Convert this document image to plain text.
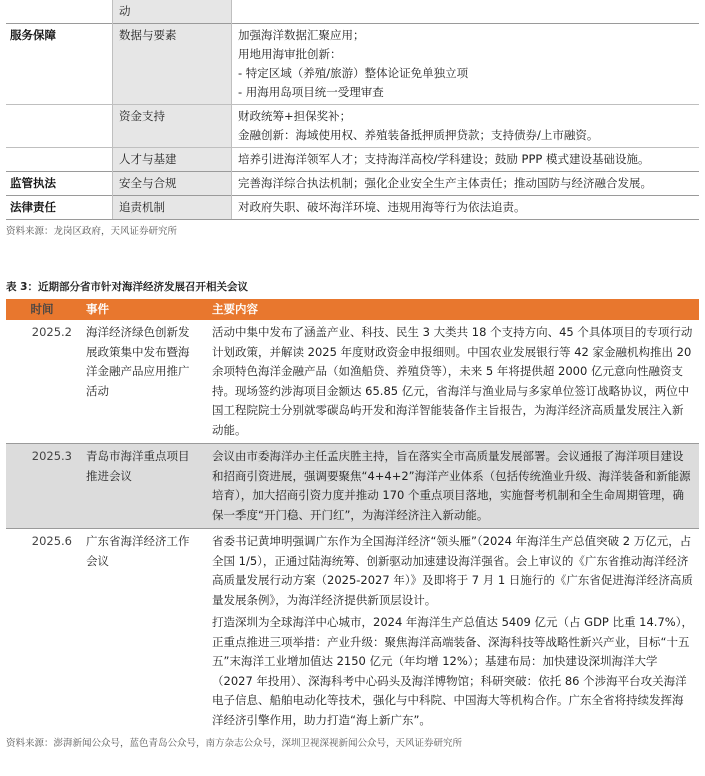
	动	

服务保障	数据与要素	加强海洋数据汇聚应用；
用地用海审批创新：
- 特定区域（养殖/旅游）整体论证免单独立项
- 用海用岛项目统一受理审查

	资金支持	财政统筹+担保奖补；
金融创新：海域使用权、养殖装备抵押质押贷款；支持债券/上市融资。

	人才与基建	培养引进海洋领军人才；支持海洋高校/学科建设；鼓励 PPP 模式建设基础设施。

监管执法	安全与合规	完善海洋综合执法机制；强化企业安全生产主体责任；推动国防与经济融合发展。

法律责任	追责机制	对政府失职、破坏海洋环境、违规用海等行为依法追责。
资料来源：龙岗区政府，天风证券研究所
表 3：近期部分省市针对海洋经济发展召开相关会议
时间	事件	主要内容
2025.2	海洋经济绿色创新发展政策集中发布暨海洋金融产品应用推广活动	活动中集中发布了涵盖产业、科技、民生 3 大类共 18 个支持方向、45 个具体项目的专项行动计划政策，并解读 2025 年度财政资金申报细则。中国农业发展银行等 42 家金融机构推出 20 余项特色海洋金融产品（如渔船贷、养殖贷等），未来 5 年将提供超 2000 亿元意向性融资支持。现场签约涉海项目金额达 65.85 亿元，省海洋与渔业局与多家单位签订战略协议，两位中国工程院院士分别就零碳岛屿开发和海洋智能装备作主旨报告，为海洋经济高质量发展注入新动能。

2025.3	青岛市海洋重点项目推进会议	会议由市委海洋办主任孟庆胜主持，旨在落实全市高质量发展部署。会议通报了海洋项目建设和招商引资进展，强调要聚焦“4+4+2”海洋产业体系（包括传统渔业升级、海洋装备和新能源培育），加大招商引资力度并推动 170 个重点项目落地，实施督考机制和全生命周期管理，确保一季度“开门稳、开门红”，为海洋经济注入新动能。

2025.6	广东省海洋经济工作会议	省委书记黄坤明强调广东作为全国海洋经济“领头雁”（2024 年海洋生产总值突破 2 万亿元，占全国 1/5），正通过陆海统筹、创新驱动加速建设海洋强省。会上审议的《广东省推动海洋经济高质量发展行动方案（2025-2027 年）》及即将于 7 月 1 日施行的《广东省促进海洋经济高质量发展条例》，为海洋经济提供新顶层设计。
打造深圳为全球海洋中心城市，2024 年海洋生产总值达 5409 亿元（占 GDP 比重 14.7%），正重点推进三项举措：产业升级：聚焦海洋高端装备、深海科技等战略性新兴产业，目标“十五五”末海洋工业增加值达 2150 亿元（年均增 12%）；基建布局：加快建设深圳海洋大学（2027 年投用）、深海科考中心码头及海洋博物馆；科研突破：依托 86 个涉海平台攻关海洋电子信息、船舶电动化等技术，强化与中科院、中国海大等机构合作。广东全省将持续发挥海洋经济引擎作用，助力打造“海上新广东”。
资料来源：澎湃新闻公众号，蓝色青岛公众号，南方杂志公众号，深圳卫视深视新闻公众号，天风证券研究所
